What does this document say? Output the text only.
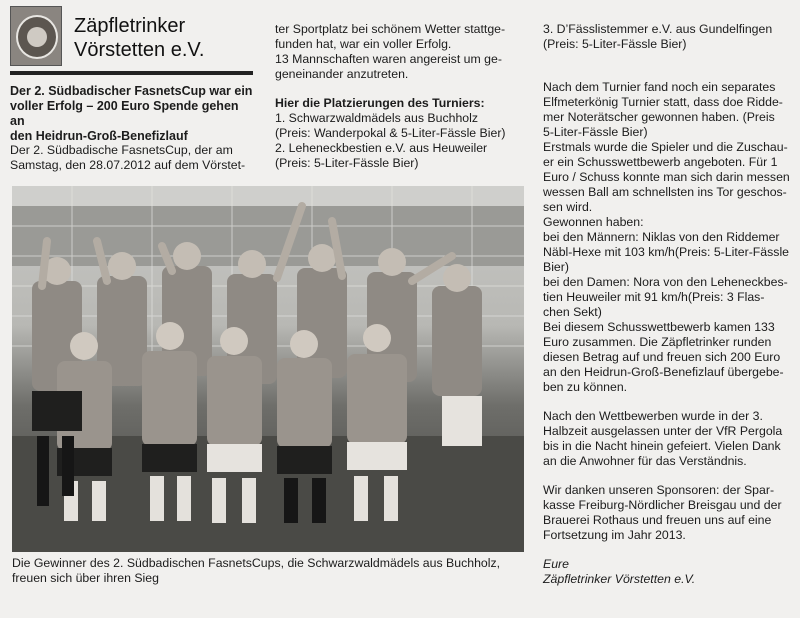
Zäpfletrinker
Vörstetten e.V.
Der 2. Südbadischer FasnetsCup war ein
voller Erfolg – 200 Euro Spende gehen an
den Heidrun-Groß-Benefizlauf
Der 2. Südbadische FasnetsCup, der am
Samstag, den 28.07.2012 auf dem Vörstet-
ter Sportplatz bei schönem Wetter stattge-
funden hat, war ein voller Erfolg.
13 Mannschaften waren angereist um ge-
geneinander anzutreten.
Hier die Platzierungen des Turniers:
1. Schwarzwaldmädels aus Buchholz
(Preis: Wanderpokal & 5-Liter-Fässle Bier)
2. Leheneckbestien e.V. aus Heuweiler
(Preis: 5-Liter-Fässle Bier)
3. D’Fässlistemmer e.V. aus Gundelfingen
(Preis: 5-Liter-Fässle Bier)
Nach dem Turnier fand noch ein separates
Elfmeterkönig Turnier statt, dass doe Ridde-
mer Noterätscher gewonnen haben. (Preis
5-Liter-Fässle Bier)
Erstmals wurde die Spieler und die Zuschau-
er ein Schusswettbewerb angeboten. Für 1
Euro / Schuss konnte man sich darin messen
wessen Ball am schnellsten ins Tor geschos-
sen wird.
Gewonnen haben:
bei den Männern: Niklas von den Riddemer
Näbl-Hexe mit 103 km/h(Preis: 5-Liter-Fässle
Bier)
bei den Damen: Nora von den Leheneckbes-
tien Heuweiler mit 91 km/h(Preis: 3 Flas-
chen Sekt)
Bei diesem Schusswettbewerb kamen 133
Euro zusammen. Die Zäpfletrinker runden
diesen Betrag auf und freuen sich 200 Euro
an den Heidrun-Groß-Benefizlauf übergebe-
ben zu können.
Nach den Wettbewerben wurde in der 3.
Halbzeit ausgelassen unter der VfR Pergola
bis in die Nacht hinein gefeiert. Vielen Dank
an die Anwohner für das Verständnis.
Wir danken unseren Sponsoren: der Spar-
kasse Freiburg-Nördlicher Breisgau und der
Brauerei Rothaus und freuen uns auf eine
Fortsetzung im Jahr 2013.
Eure
Zäpfletrinker Vörstetten e.V.
Die Gewinner des 2. Südbadischen FasnetsCups, die Schwarzwaldmädels aus Buchholz,
freuen sich über ihren Sieg
